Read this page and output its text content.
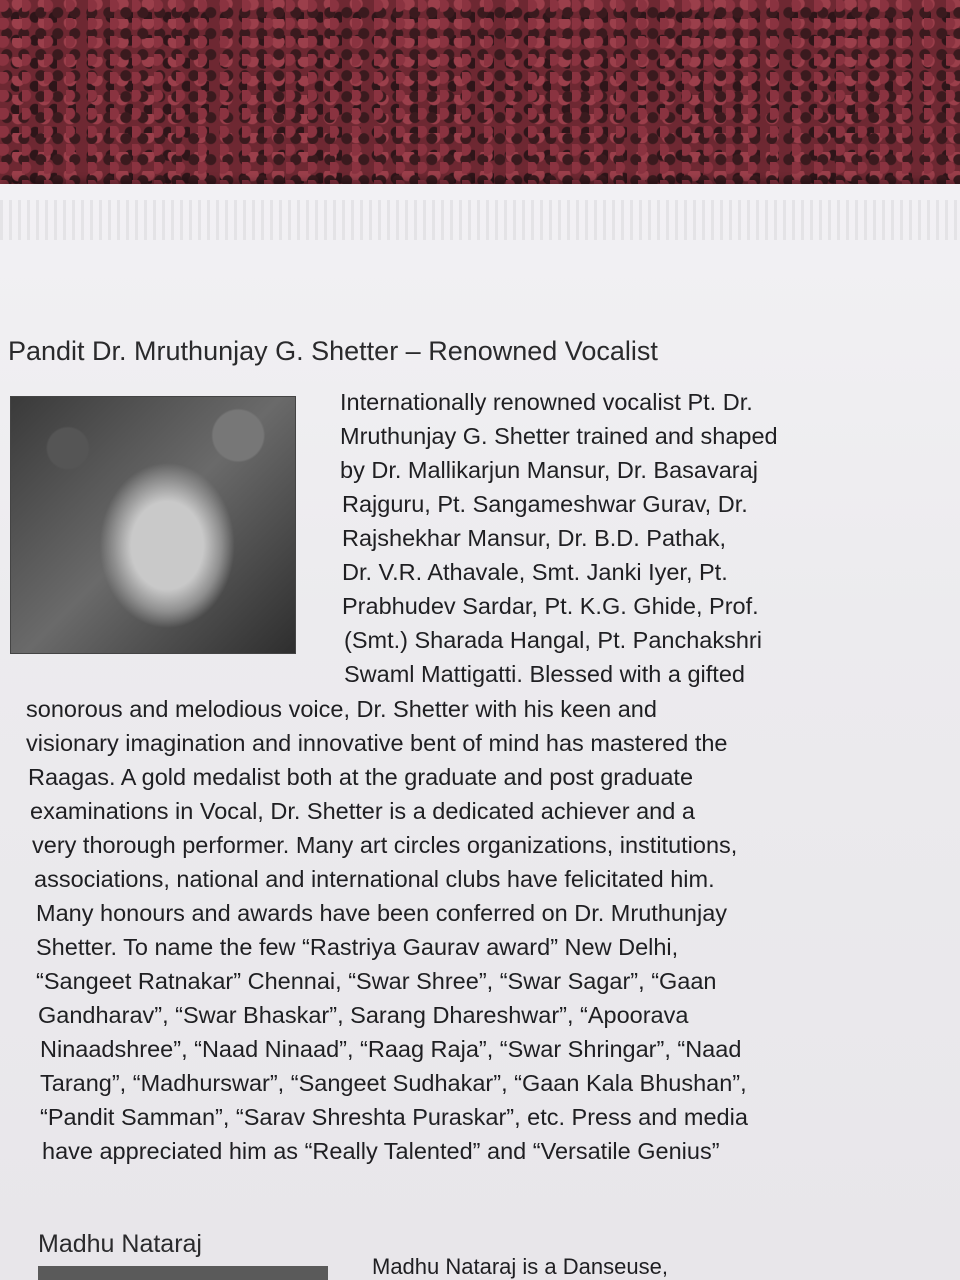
Pandit Dr. Mruthunjay G. Shetter – Renowned Vocalist
Internationally renowned vocalist Pt. Dr.
Mruthunjay G. Shetter trained and shaped
by Dr. Mallikarjun Mansur, Dr. Basavaraj
Rajguru, Pt. Sangameshwar Gurav, Dr.
Rajshekhar Mansur, Dr. B.D. Pathak,
Dr. V.R. Athavale, Smt. Janki Iyer, Pt.
Prabhudev Sardar, Pt. K.G. Ghide, Prof.
(Smt.) Sharada Hangal, Pt. Panchakshri
Swaml Mattigatti. Blessed with a gifted
sonorous and melodious voice, Dr. Shetter with his keen and
visionary imagination and innovative bent of mind has mastered the
Raagas. A gold medalist both at the graduate and post graduate
examinations in Vocal, Dr. Shetter is a dedicated achiever and a
very thorough performer. Many art circles organizations, institutions,
associations, national and international clubs have felicitated him.
Many honours and awards have been conferred on Dr. Mruthunjay
Shetter. To name the few “Rastriya Gaurav award” New Delhi,
“Sangeet Ratnakar” Chennai, “Swar Shree”, “Swar Sagar”, “Gaan
Gandharav”, “Swar Bhaskar”, Sarang Dhareshwar”, “Apoorava
Ninaadshree”, “Naad Ninaad”, “Raag Raja”, “Swar Shringar”, “Naad
Tarang”, “Madhurswar”, “Sangeet Sudhakar”, “Gaan Kala Bhushan”,
“Pandit Samman”, “Sarav Shreshta Puraskar”, etc. Press and media
have appreciated him as “Really Talented” and “Versatile Genius”
Madhu Nataraj
Madhu Nataraj is a Danseuse,
